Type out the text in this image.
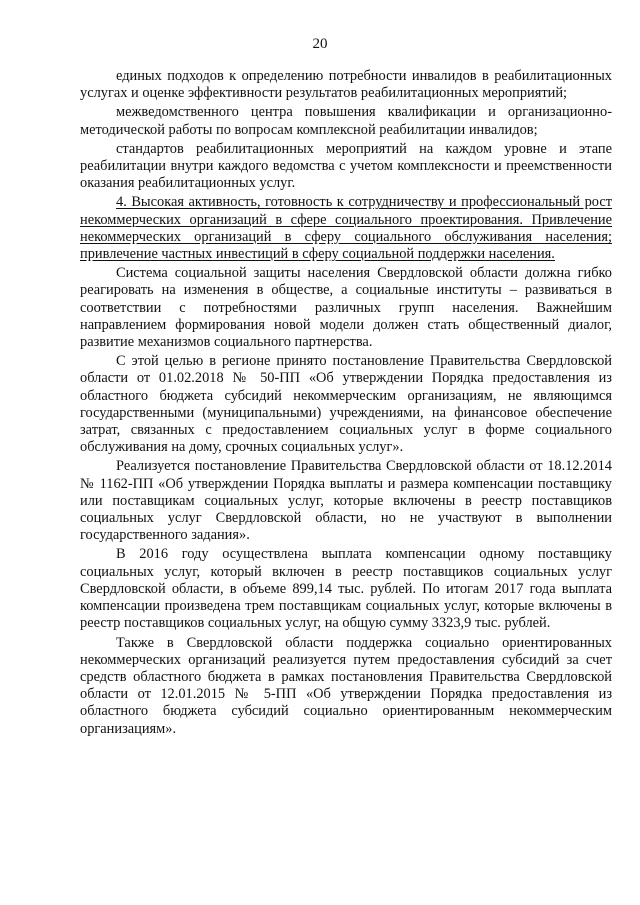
20

единых подходов к определению потребности инвалидов в реабилитационных услугах и оценке эффективности результатов реабилитационных мероприятий;

межведомственного центра повышения квалификации и организационно-методической работы по вопросам комплексной реабилитации инвалидов;

стандартов реабилитационных мероприятий на каждом уровне и этапе реабилитации внутри каждого ведомства с учетом комплексности и преемственности оказания реабилитационных услуг.

4. Высокая активность, готовность к сотрудничеству и профессиональный рост некоммерческих организаций в сфере социального проектирования. Привлечение некоммерческих организаций в сферу социального обслуживания населения; привлечение частных инвестиций в сферу социальной поддержки населения.

Система социальной защиты населения Свердловской области должна гибко реагировать на изменения в обществе, а социальные институты – развиваться в соответствии с потребностями различных групп населения. Важнейшим направлением формирования новой модели должен стать общественный диалог, развитие механизмов социального партнерства.

С этой целью в регионе принято постановление Правительства Свердловской области от 01.02.2018 № 50-ПП «Об утверждении Порядка предоставления из областного бюджета субсидий некоммерческим организациям, не являющимся государственными (муниципальными) учреждениями, на финансовое обеспечение затрат, связанных с предоставлением социальных услуг в форме социального обслуживания на дому, срочных социальных услуг».

Реализуется постановление Правительства Свердловской области от 18.12.2014 № 1162-ПП «Об утверждении Порядка выплаты и размера компенсации поставщику или поставщикам социальных услуг, которые включены в реестр поставщиков социальных услуг Свердловской области, но не участвуют в выполнении государственного задания».

В 2016 году осуществлена выплата компенсации одному поставщику социальных услуг, который включен в реестр поставщиков социальных услуг Свердловской области, в объеме 899,14 тыс. рублей. По итогам 2017 года выплата компенсации произведена трем поставщикам социальных услуг, которые включены в реестр поставщиков социальных услуг, на общую сумму 3323,9 тыс. рублей.

Также в Свердловской области поддержка социально ориентированных некоммерческих организаций реализуется путем предоставления субсидий за счет средств областного бюджета в рамках постановления Правительства Свердловской области от 12.01.2015 № 5-ПП «Об утверждении Порядка предоставления из областного бюджета субсидий социально ориентированным некоммерческим организациям».
